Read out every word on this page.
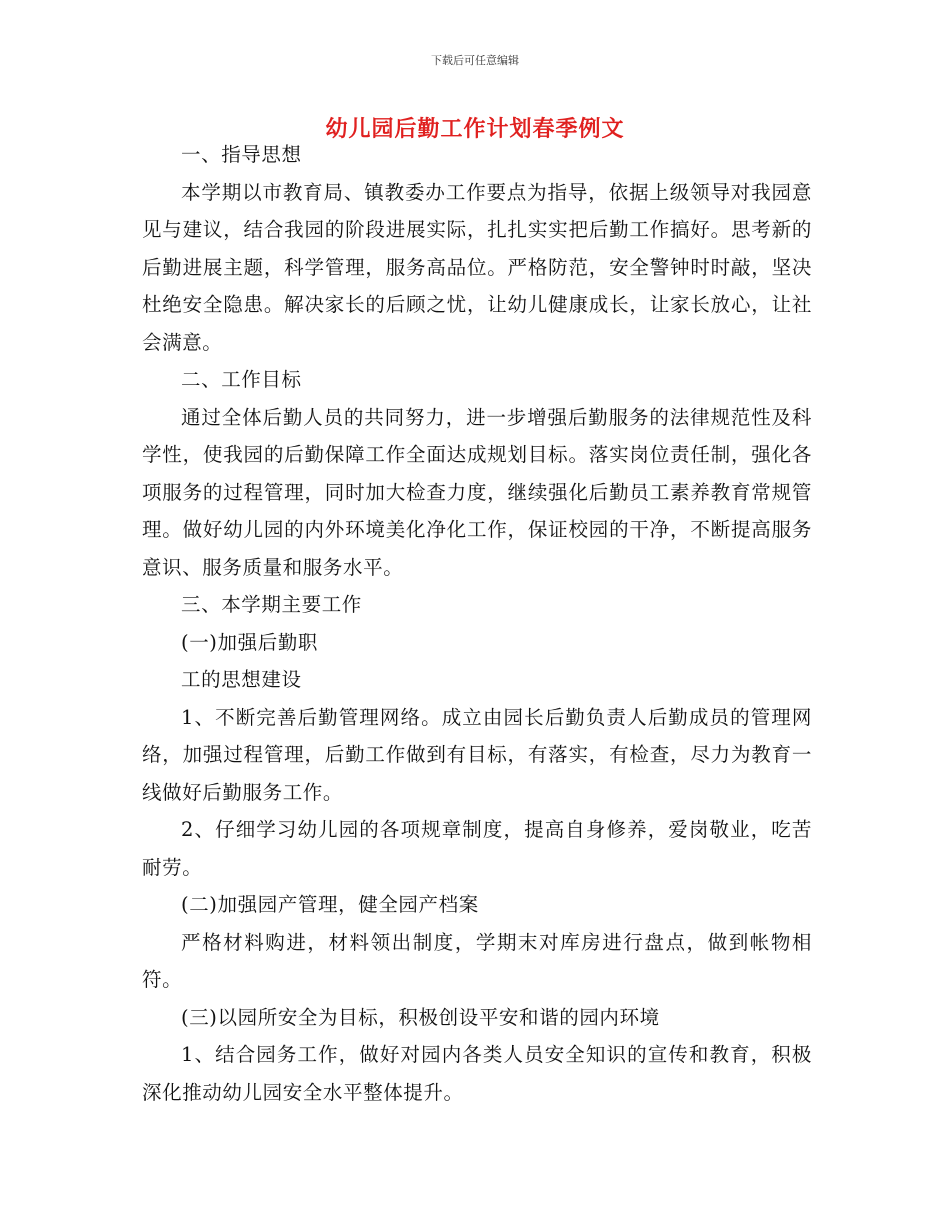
下载后可任意编辑
幼儿园后勤工作计划春季例文

一、指导思想

本学期以市教育局、镇教委办工作要点为指导，依据上级领导对我园意见与建议，结合我园的阶段进展实际，扎扎实实把后勤工作搞好。思考新的后勤进展主题，科学管理，服务高品位。严格防范，安全警钟时时敲，坚决杜绝安全隐患。解决家长的后顾之忧，让幼儿健康成长，让家长放心，让社会满意。

二、工作目标

通过全体后勤人员的共同努力，进一步增强后勤服务的法律规范性及科学性，使我园的后勤保障工作全面达成规划目标。落实岗位责任制，强化各项服务的过程管理，同时加大检查力度，继续强化后勤员工素养教育常规管理。做好幼儿园的内外环境美化净化工作，保证校园的干净，不断提高服务意识、服务质量和服务水平。

三、本学期主要工作

(一)加强后勤职

工的思想建设

1、不断完善后勤管理网络。成立由园长后勤负责人后勤成员的管理网络，加强过程管理，后勤工作做到有目标，有落实，有检查，尽力为教育一线做好后勤服务工作。

2、仔细学习幼儿园的各项规章制度，提高自身修养，爱岗敬业，吃苦耐劳。

(二)加强园产管理，健全园产档案

严格材料购进，材料领出制度，学期末对库房进行盘点，做到帐物相符。

(三)以园所安全为目标，积极创设平安和谐的园内环境

1、结合园务工作，做好对园内各类人员安全知识的宣传和教育，积极深化推动幼儿园安全水平整体提升。
